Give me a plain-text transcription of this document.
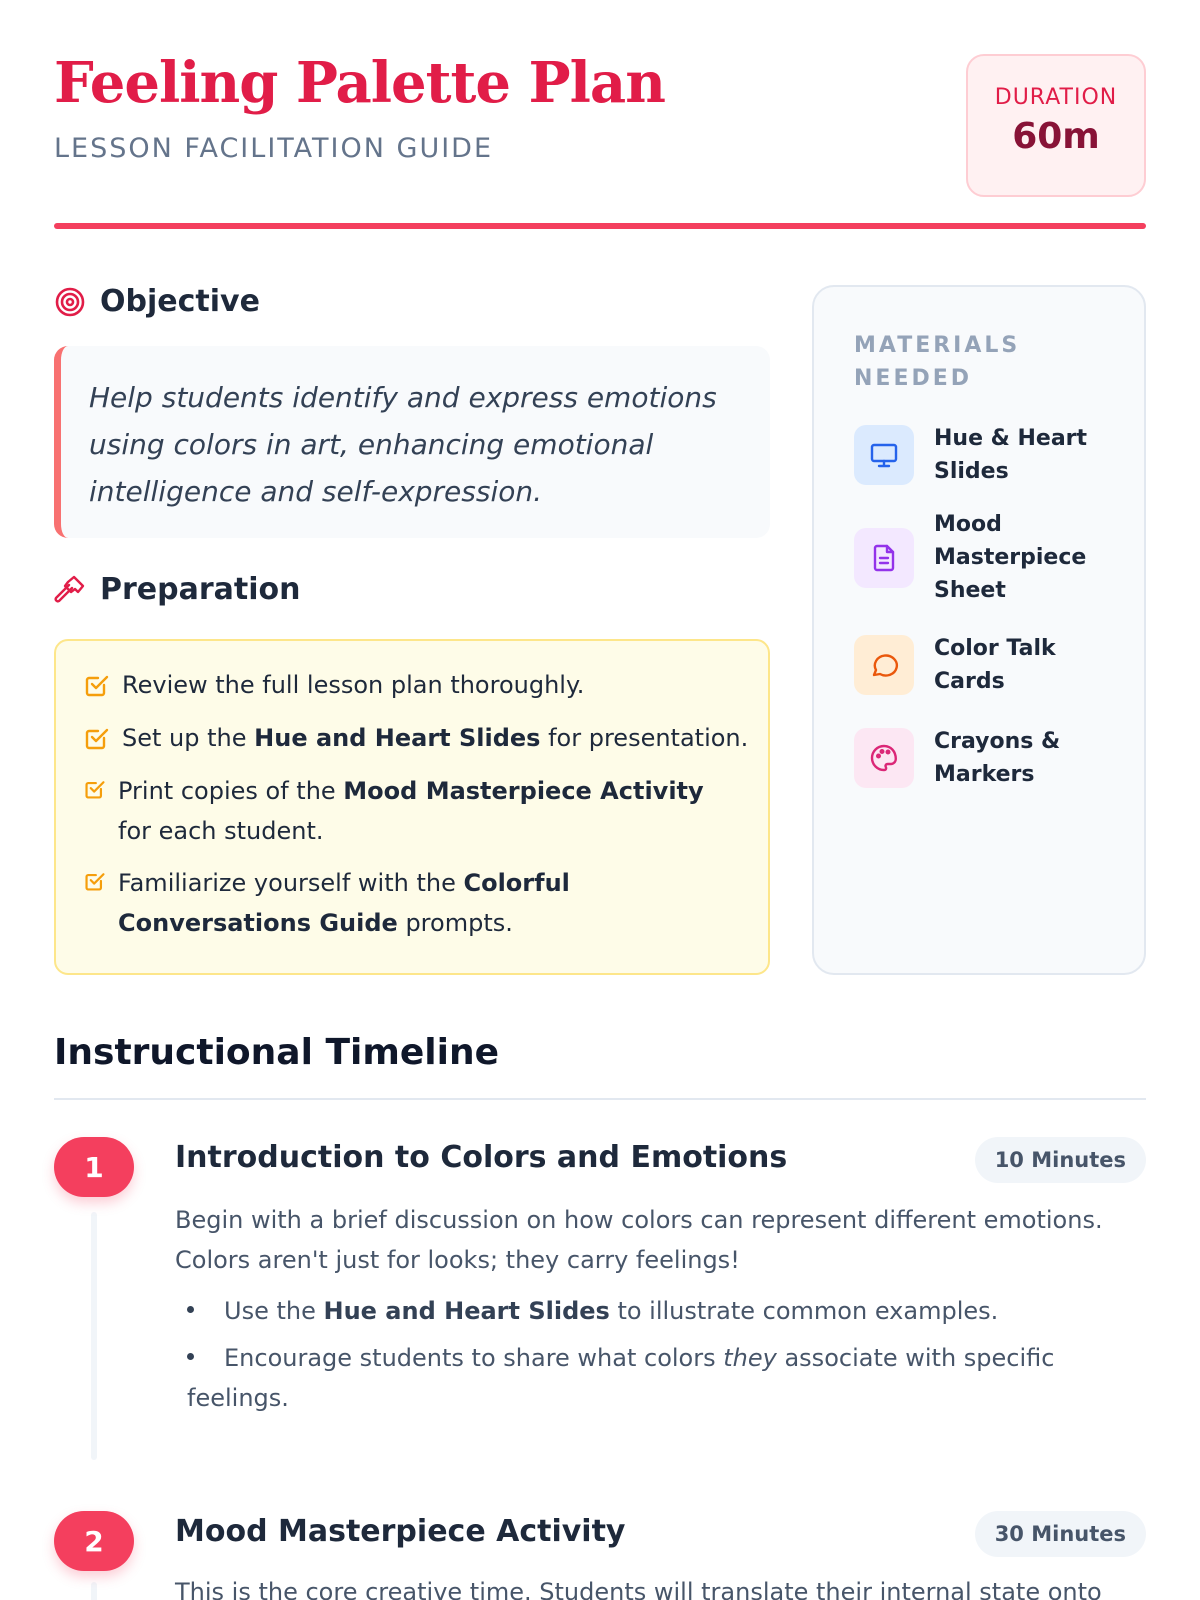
Feeling Palette Plan
LESSON FACILITATION GUIDE
DURATION
60m
Objective

Help students identify and express emotions using colors in art, enhancing emotional intelligence and self-expression.

Preparation
Review the full lesson plan thoroughly.
Set up the Hue and Heart Slides for presentation.
Print copies of the Mood Masterpiece Activity for each student.
Familiarize yourself with the Colorful Conversations Guide prompts.
MATERIALS NEEDED
Hue & Heart Slides
Mood Masterpiece Sheet
Color Talk Cards
Crayons & Markers
Instructional Timeline
1	Introduction to Colors and Emotions	10 Minutes

Begin with a brief discussion on how colors can represent different emotions. Colors aren't just for looks; they carry feelings!

Use the Hue and Heart Slides to illustrate common examples.
Encourage students to share what colors they associate with specific feelings.
2	Mood Masterpiece Activity	30 Minutes

This is the core creative time. Students will translate their internal state onto
